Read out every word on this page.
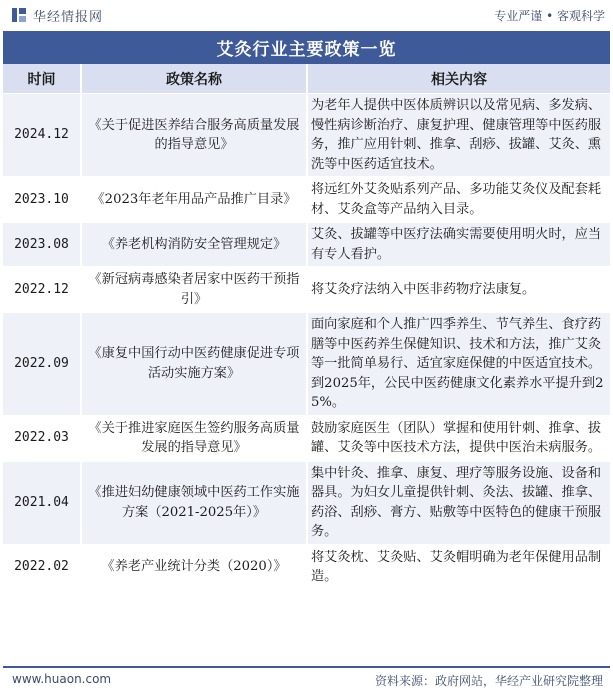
华经情报网	专业严谨 • 客观科学
艾灸行业主要政策一览
时间	政策名称	相关内容
2024.12	《关于促进医养结合服务高质量发展的指导意见》	为老年人提供中医体质辨识以及常见病、多发病、慢性病诊断治疗、康复护理、健康管理等中医药服务，推广应用针刺、推拿、刮痧、拔罐、艾灸、熏洗等中医药适宜技术。
2023.10	《2023年老年用品产品推广目录》	将远红外艾灸贴系列产品、多功能艾灸仪及配套耗材、艾灸盒等产品纳入目录。
2023.08	《养老机构消防安全管理规定》	艾灸、拔罐等中医疗法确实需要使用明火时，应当有专人看护。
2022.12	《新冠病毒感染者居家中医药干预指引》	将艾灸疗法纳入中医非药物疗法康复。
2022.09	《康复中国行动中医药健康促进专项活动实施方案》	面向家庭和个人推广四季养生、节气养生、食疗药膳等中医药养生保健知识、技术和方法，推广艾灸等一批简单易行、适宜家庭保健的中医适宜技术。到2025年，公民中医药健康文化素养水平提升到25%。
2022.03	《关于推进家庭医生签约服务高质量发展的指导意见》	鼓励家庭医生（团队）掌握和使用针刺、推拿、拔罐、艾灸等中医技术方法，提供中医治未病服务。
2021.04	《推进妇幼健康领域中医药工作实施方案（2021-2025年）》	集中针灸、推拿、康复、理疗等服务设施、设备和器具。为妇女儿童提供针刺、灸法、拔罐、推拿、药浴、刮痧、膏方、贴敷等中医特色的健康干预服务。
2022.02	《养老产业统计分类（2020）》	将艾灸枕、艾灸贴、艾灸帽明确为老年保健用品制造。
www.huaon.com	资料来源：政府网站，华经产业研究院整理
